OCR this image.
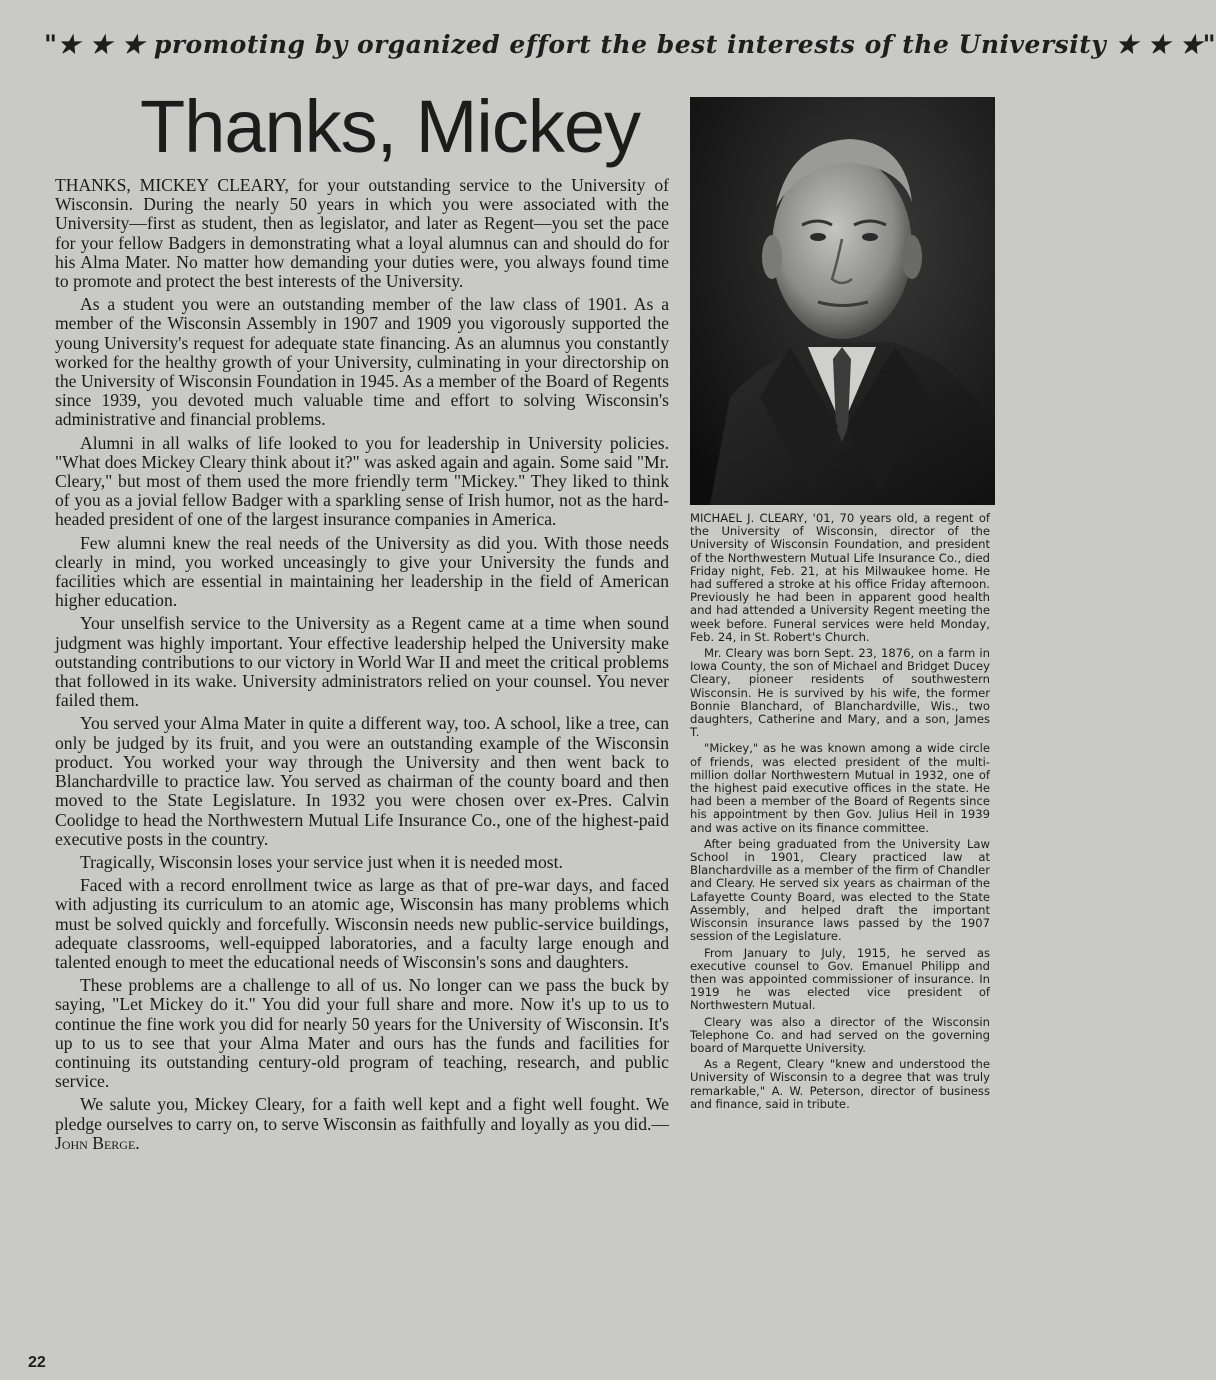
"★ ★ ★ promoting by organized effort the best interests of the University ★ ★ ★"
Thanks, Mickey

THANKS, MICKEY CLEARY, for your outstanding service to the University of Wisconsin. During the nearly 50 years in which you were associated with the University—first as student, then as legislator, and later as Regent—you set the pace for your fellow Badgers in demonstrating what a loyal alumnus can and should do for his Alma Mater. No matter how demanding your duties were, you always found time to promote and protect the best interests of the University.

As a student you were an outstanding member of the law class of 1901. As a member of the Wisconsin Assembly in 1907 and 1909 you vigorously supported the young University's request for adequate state financing. As an alumnus you constantly worked for the healthy growth of your University, culminating in your directorship on the University of Wisconsin Foundation in 1945. As a member of the Board of Regents since 1939, you devoted much valuable time and effort to solving Wisconsin's administrative and financial problems.

Alumni in all walks of life looked to you for leadership in University policies. "What does Mickey Cleary think about it?" was asked again and again. Some said "Mr. Cleary," but most of them used the more friendly term "Mickey." They liked to think of you as a jovial fellow Badger with a sparkling sense of Irish humor, not as the hard-headed president of one of the largest insurance companies in America.

Few alumni knew the real needs of the University as did you. With those needs clearly in mind, you worked unceasingly to give your University the funds and facilities which are essential in maintaining her leadership in the field of American higher education.

Your unselfish service to the University as a Regent came at a time when sound judgment was highly important. Your effective leadership helped the University make outstanding contributions to our victory in World War II and meet the critical problems that followed in its wake. University administrators relied on your counsel. You never failed them.

You served your Alma Mater in quite a different way, too. A school, like a tree, can only be judged by its fruit, and you were an outstanding example of the Wisconsin product. You worked your way through the University and then went back to Blanchardville to practice law. You served as chairman of the county board and then moved to the State Legislature. In 1932 you were chosen over ex-Pres. Calvin Coolidge to head the Northwestern Mutual Life Insurance Co., one of the highest-paid executive posts in the country.

Tragically, Wisconsin loses your service just when it is needed most.

Faced with a record enrollment twice as large as that of pre-war days, and faced with adjusting its curriculum to an atomic age, Wisconsin has many problems which must be solved quickly and forcefully. Wisconsin needs new public-service buildings, adequate classrooms, well-equipped laboratories, and a faculty large enough and talented enough to meet the educational needs of Wisconsin's sons and daughters.

These problems are a challenge to all of us. No longer can we pass the buck by saying, "Let Mickey do it." You did your full share and more. Now it's up to us to continue the fine work you did for nearly 50 years for the University of Wisconsin. It's up to us to see that your Alma Mater and ours has the funds and facilities for continuing its outstanding century-old program of teaching, research, and public service.

We salute you, Mickey Cleary, for a faith well kept and a fight well fought. We pledge ourselves to carry on, to serve Wisconsin as faithfully and loyally as you did.—John Berge.

MICHAEL J. CLEARY, '01, 70 years old, a regent of the University of Wisconsin, director of the University of Wisconsin Foundation, and president of the Northwestern Mutual Life Insurance Co., died Friday night, Feb. 21, at his Milwaukee home. He had suffered a stroke at his office Friday afternoon. Previously he had been in apparent good health and had attended a University Regent meeting the week before. Funeral services were held Monday, Feb. 24, in St. Robert's Church.

Mr. Cleary was born Sept. 23, 1876, on a farm in Iowa County, the son of Michael and Bridget Ducey Cleary, pioneer residents of southwestern Wisconsin. He is survived by his wife, the former Bonnie Blanchard, of Blanchardville, Wis., two daughters, Catherine and Mary, and a son, James T.

"Mickey," as he was known among a wide circle of friends, was elected president of the multi-million dollar Northwestern Mutual in 1932, one of the highest paid executive offices in the state. He had been a member of the Board of Regents since his appointment by then Gov. Julius Heil in 1939 and was active on its finance committee.

After being graduated from the University Law School in 1901, Cleary practiced law at Blanchardville as a member of the firm of Chandler and Cleary. He served six years as chairman of the Lafayette County Board, was elected to the State Assembly, and helped draft the important Wisconsin insurance laws passed by the 1907 session of the Legislature.

From January to July, 1915, he served as executive counsel to Gov. Emanuel Philipp and then was appointed commissioner of insurance. In 1919 he was elected vice president of Northwestern Mutual.

Cleary was also a director of the Wisconsin Telephone Co. and had served on the governing board of Marquette University.

As a Regent, Cleary "knew and understood the University of Wisconsin to a degree that was truly remarkable," A. W. Peterson, director of business and finance, said in tribute.

22
